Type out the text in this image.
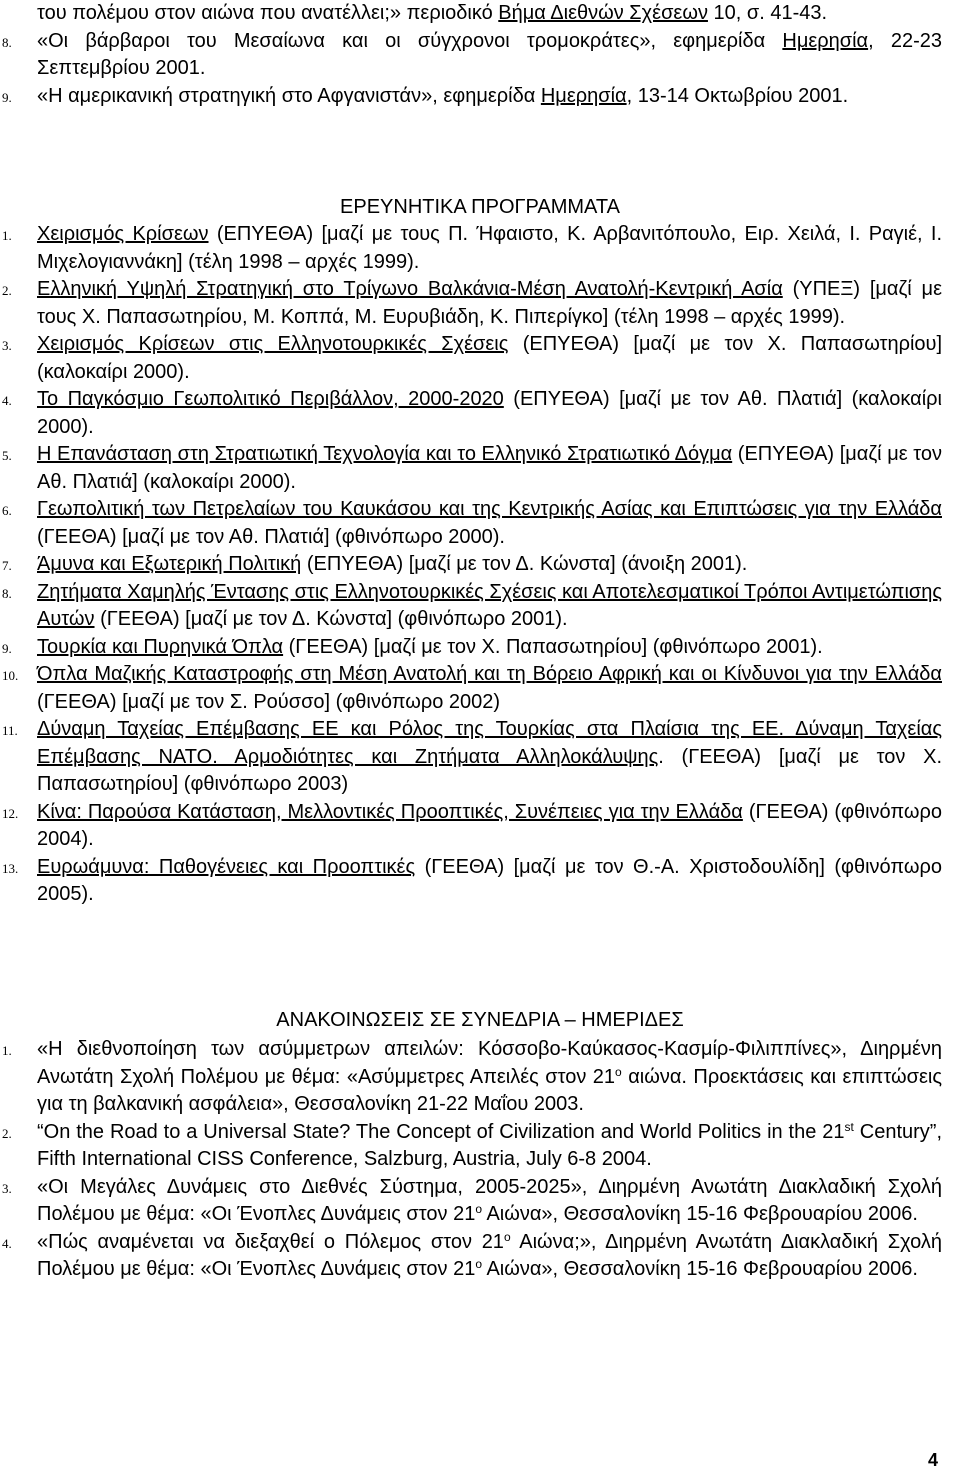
του πολέμου στον αιώνα που ανατέλλει;» περιοδικό Βήμα Διεθνών Σχέσεων 10, σ. 41-43.
8. «Οι βάρβαροι του Μεσαίωνα και οι σύγχρονοι τρομοκράτες», εφημερίδα Ημερησία, 22-23 Σεπτεμβρίου 2001.
9. «Η αμερικανική στρατηγική στο Αφγανιστάν», εφημερίδα Ημερησία, 13-14 Οκτωβρίου 2001.
ΕΡΕΥΝΗΤΙΚΑ ΠΡΟΓΡΑΜΜΑΤΑ
1. Χειρισμός Κρίσεων (ΕΠΥΕΘΑ) [μαζί με τους Π. Ήφαιστο, Κ. Αρβανιτόπουλο, Ειρ. Χειλά, Ι. Ραγιέ, Ι. Μιχελογιαννάκη] (τέλη 1998 – αρχές 1999).
2. Ελληνική Υψηλή Στρατηγική στο Τρίγωνο Βαλκάνια-Μέση Ανατολή-Κεντρική Ασία (ΥΠΕΞ) [μαζί με τους Χ. Παπασωτηρίου, Μ. Κοππά, Μ. Ευρυβιάδη, Κ. Πιπερίγκο] (τέλη 1998 – αρχές 1999).
3. Χειρισμός Κρίσεων στις Ελληνοτουρκικές Σχέσεις (ΕΠΥΕΘΑ) [μαζί με τον Χ. Παπασωτηρίου] (καλοκαίρι 2000).
4. Το Παγκόσμιο Γεωπολιτικό Περιβάλλον, 2000-2020 (ΕΠΥΕΘΑ) [μαζί με τον Αθ. Πλατιά] (καλοκαίρι 2000).
5. Η Επανάσταση στη Στρατιωτική Τεχνολογία και το Ελληνικό Στρατιωτικό Δόγμα (ΕΠΥΕΘΑ) [μαζί με τον Αθ. Πλατιά] (καλοκαίρι 2000).
6. Γεωπολιτική των Πετρελαίων του Καυκάσου και της Κεντρικής Ασίας και Επιπτώσεις για την Ελλάδα (ΓΕΕΘΑ) [μαζί με τον Αθ. Πλατιά] (φθινόπωρο 2000).
7. Άμυνα και Εξωτερική Πολιτική (ΕΠΥΕΘΑ) [μαζί με τον Δ. Κώνστα] (άνοιξη 2001).
8. Ζητήματα Χαμηλής Έντασης στις Ελληνοτουρκικές Σχέσεις και Αποτελεσματικοί Τρόποι Αντιμετώπισης Αυτών (ΓΕΕΘΑ) [μαζί με τον Δ. Κώνστα] (φθινόπωρο 2001).
9. Τουρκία και Πυρηνικά Όπλα (ΓΕΕΘΑ) [μαζί με τον Χ. Παπασωτηρίου] (φθινόπωρο 2001).
10. Όπλα Μαζικής Καταστροφής στη Μέση Ανατολή και τη Βόρειο Αφρική και οι Κίνδυνοι για την Ελλάδα (ΓΕΕΘΑ) [μαζί με τον Σ. Ρούσσο] (φθινόπωρο 2002)
11. Δύναμη Ταχείας Επέμβασης ΕΕ και Ρόλος της Τουρκίας στα Πλαίσια της ΕΕ. Δύναμη Ταχείας Επέμβασης ΝΑΤΟ. Αρμοδιότητες και Ζητήματα Αλληλοκάλυψης. (ΓΕΕΘΑ) [μαζί με τον Χ. Παπασωτηρίου] (φθινόπωρο 2003)
12. Κίνα: Παρούσα Κατάσταση, Μελλοντικές Προοπτικές, Συνέπειες για την Ελλάδα (ΓΕΕΘΑ) (φθινόπωρο 2004).
13. Ευρωάμυνα: Παθογένειες και Προοπτικές (ΓΕΕΘΑ) [μαζί με τον Θ.-Α. Χριστοδουλίδη] (φθινόπωρο 2005).
ΑΝΑΚΟΙΝΩΣΕΙΣ ΣΕ ΣΥΝΕΔΡΙΑ – ΗΜΕΡΙΔΕΣ
1. «Η διεθνοποίηση των ασύμμετρων απειλών: Κόσσοβο-Καύκασος-Κασμίρ-Φιλιππίνες», Διηρμένη Ανωτάτη Σχολή Πολέμου με θέμα: «Ασύμμετρες Απειλές στον $21^o$ αιώνα. Προεκτάσεις και επιπτώσεις για τη βαλκανική ασφάλεια», Θεσσαλονίκη 21-22 Μαΐου 2003.
2. “On the Road to a Universal State? The Concept of Civilization and World Politics in the 21st Century”, Fifth International CISS Conference, Salzburg, Austria, July 6-8 2004.
3. «Οι Μεγάλες Δυνάμεις στο Διεθνές Σύστημα, 2005-2025», Διηρμένη Ανωτάτη Διακλαδική Σχολή Πολέμου με θέμα: «Οι Ένοπλες Δυνάμεις στον $21^o$ Αιώνα», Θεσσαλονίκη 15-16 Φεβρουαρίου 2006.
4. «Πώς αναμένεται να διεξαχθεί ο Πόλεμος στον $21^o$ Αιώνα;», Διηρμένη Ανωτάτη Διακλαδική Σχολή Πολέμου με θέμα: «Οι Ένοπλες Δυνάμεις στον $21^o$ Αιώνα», Θεσσαλονίκη 15-16 Φεβρουαρίου 2006.
4
